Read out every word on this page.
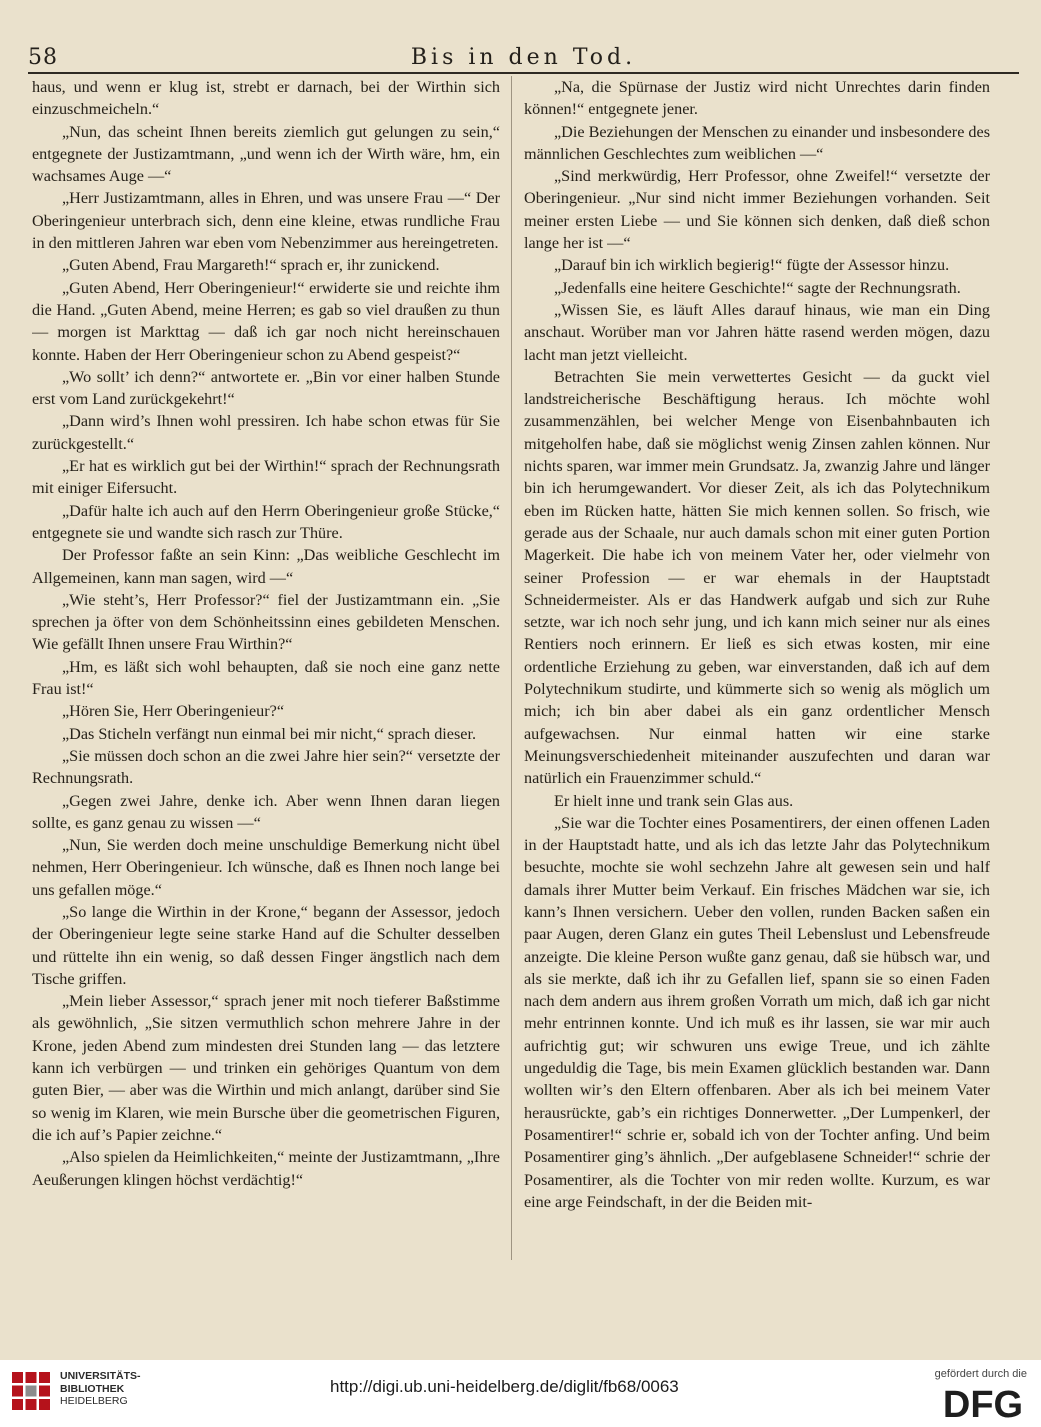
58	Bis in den Tod.

haus, und wenn er klug ist, strebt er darnach, bei der Wirthin sich einzuschmeicheln.“

„Nun, das scheint Ihnen bereits ziemlich gut gelungen zu sein,“ entgegnete der Justizamtmann, „und wenn ich der Wirth wäre, hm, ein wachsames Auge —“

„Herr Justizamtmann, alles in Ehren, und was unsere Frau —“ Der Oberingenieur unterbrach sich, denn eine kleine, etwas rundliche Frau in den mittleren Jahren war eben vom Nebenzimmer aus hereingetreten.

„Guten Abend, Frau Margareth!“ sprach er, ihr zunickend.

„Guten Abend, Herr Oberingenieur!“ erwiderte sie und reichte ihm die Hand. „Guten Abend, meine Herren; es gab so viel draußen zu thun — morgen ist Markttag — daß ich gar noch nicht hereinschauen konnte. Haben der Herr Oberingenieur schon zu Abend gespeist?“

„Wo sollt’ ich denn?“ antwortete er. „Bin vor einer halben Stunde erst vom Land zurückgekehrt!“

„Dann wird’s Ihnen wohl pressiren. Ich habe schon etwas für Sie zurückgestellt.“

„Er hat es wirklich gut bei der Wirthin!“ sprach der Rechnungsrath mit einiger Eifersucht.

„Dafür halte ich auch auf den Herrn Oberingenieur große Stücke,“ entgegnete sie und wandte sich rasch zur Thüre.

Der Professor faßte an sein Kinn: „Das weibliche Geschlecht im Allgemeinen, kann man sagen, wird —“

„Wie steht’s, Herr Professor?“ fiel der Justizamtmann ein. „Sie sprechen ja öfter von dem Schönheitssinn eines gebildeten Menschen. Wie gefällt Ihnen unsere Frau Wirthin?“

„Hm, es läßt sich wohl behaupten, daß sie noch eine ganz nette Frau ist!“

„Hören Sie, Herr Oberingenieur?“

„Das Sticheln verfängt nun einmal bei mir nicht,“ sprach dieser.

„Sie müssen doch schon an die zwei Jahre hier sein?“ versetzte der Rechnungsrath.

„Gegen zwei Jahre, denke ich. Aber wenn Ihnen daran liegen sollte, es ganz genau zu wissen —“

„Nun, Sie werden doch meine unschuldige Bemerkung nicht übel nehmen, Herr Oberingenieur. Ich wünsche, daß es Ihnen noch lange bei uns gefallen möge.“

„So lange die Wirthin in der Krone,“ begann der Assessor, jedoch der Oberingenieur legte seine starke Hand auf die Schulter desselben und rüttelte ihn ein wenig, so daß dessen Finger ängstlich nach dem Tische griffen.

„Mein lieber Assessor,“ sprach jener mit noch tieferer Baßstimme als gewöhnlich, „Sie sitzen vermuthlich schon mehrere Jahre in der Krone, jeden Abend zum mindesten drei Stunden lang — das letztere kann ich verbürgen — und trinken ein gehöriges Quantum von dem guten Bier, — aber was die Wirthin und mich anlangt, darüber sind Sie so wenig im Klaren, wie mein Bursche über die geometrischen Figuren, die ich auf’s Papier zeichne.“

„Also spielen da Heimlichkeiten,“ meinte der Justizamtmann, „Ihre Aeußerungen klingen höchst verdächtig!“

„Na, die Spürnase der Justiz wird nicht Unrechtes darin finden können!“ entgegnete jener.

„Die Beziehungen der Menschen zu einander und insbesondere des männlichen Geschlechtes zum weiblichen —“

„Sind merkwürdig, Herr Professor, ohne Zweifel!“ versetzte der Oberingenieur. „Nur sind nicht immer Beziehungen vorhanden. Seit meiner ersten Liebe — und Sie können sich denken, daß dieß schon lange her ist —“

„Darauf bin ich wirklich begierig!“ fügte der Assessor hinzu.

„Jedenfalls eine heitere Geschichte!“ sagte der Rechnungsrath.

„Wissen Sie, es läuft Alles darauf hinaus, wie man ein Ding anschaut. Worüber man vor Jahren hätte rasend werden mögen, dazu lacht man jetzt vielleicht.

Betrachten Sie mein verwettertes Gesicht — da guckt viel landstreicherische Beschäftigung heraus. Ich möchte wohl zusammenzählen, bei welcher Menge von Eisenbahnbauten ich mitgeholfen habe, daß sie möglichst wenig Zinsen zahlen können. Nur nichts sparen, war immer mein Grundsatz. Ja, zwanzig Jahre und länger bin ich herumgewandert. Vor dieser Zeit, als ich das Polytechnikum eben im Rücken hatte, hätten Sie mich kennen sollen. So frisch, wie gerade aus der Schaale, nur auch damals schon mit einer guten Portion Magerkeit. Die habe ich von meinem Vater her, oder vielmehr von seiner Profession — er war ehemals in der Hauptstadt Schneidermeister. Als er das Handwerk aufgab und sich zur Ruhe setzte, war ich noch sehr jung, und ich kann mich seiner nur als eines Rentiers noch erinnern. Er ließ es sich etwas kosten, mir eine ordentliche Erziehung zu geben, war einverstanden, daß ich auf dem Polytechnikum studirte, und kümmerte sich so wenig als möglich um mich; ich bin aber dabei als ein ganz ordentlicher Mensch aufgewachsen. Nur einmal hatten wir eine starke Meinungsverschiedenheit miteinander auszufechten und daran war natürlich ein Frauenzimmer schuld.“

Er hielt inne und trank sein Glas aus.

„Sie war die Tochter eines Posamentirers, der einen offenen Laden in der Hauptstadt hatte, und als ich das letzte Jahr das Polytechnikum besuchte, mochte sie wohl sechzehn Jahre alt gewesen sein und half damals ihrer Mutter beim Verkauf. Ein frisches Mädchen war sie, ich kann’s Ihnen versichern. Ueber den vollen, runden Backen saßen ein paar Augen, deren Glanz ein gutes Theil Lebenslust und Lebensfreude anzeigte. Die kleine Person wußte ganz genau, daß sie hübsch war, und als sie merkte, daß ich ihr zu Gefallen lief, spann sie so einen Faden nach dem andern aus ihrem großen Vorrath um mich, daß ich gar nicht mehr entrinnen konnte. Und ich muß es ihr lassen, sie war mir auch aufrichtig gut; wir schwuren uns ewige Treue, und ich zählte ungeduldig die Tage, bis mein Examen glücklich bestanden war. Dann wollten wir’s den Eltern offenbaren. Aber als ich bei meinem Vater herausrückte, gab’s ein richtiges Donnerwetter. „Der Lumpenkerl, der Posamentirer!“ schrie er, sobald ich von der Tochter anfing. Und beim Posamentirer ging’s ähnlich. „Der aufgeblasene Schneider!“ schrie der Posamentirer, als die Tochter von mir reden wollte. Kurzum, es war eine arge Feindschaft, in der die Beiden mit-

UNIVERSITÄTS-
BIBLIOTHEK
HEIDELBERG
http://digi.ub.uni-heidelberg.de/diglit/fb68/0063
gefördert durch die
DFG
